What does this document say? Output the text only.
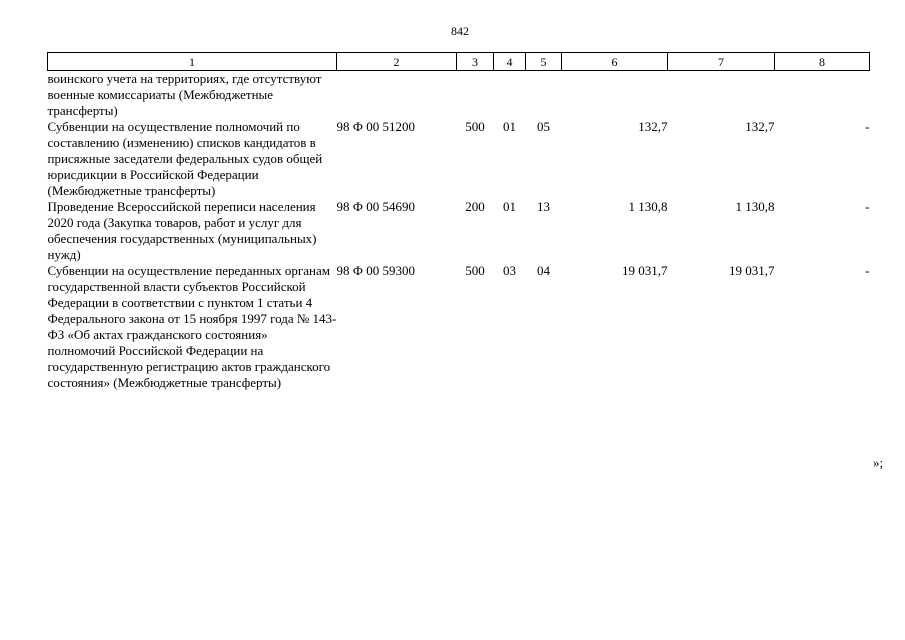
842
1	2	3	4	5	6	7	8
воинского учета на территориях, где отсутствуют военные комиссариаты (Межбюджетные трансферты)							
Субвенции на осуществление полномочий по составлению (изменению) списков кандидатов в присяжные заседатели федеральных судов общей юрисдикции в Российской Федерации (Межбюджетные трансферты)	98 Ф 00 51200	500	01	05	132,7	132,7	-
Проведение Всероссийской переписи населения 2020 года (Закупка товаров, работ и услуг для обеспечения государственных (муниципальных) нужд)	98 Ф 00 54690	200	01	13	1 130,8	1 130,8	-
Субвенции на осуществление переданных органам государственной власти субъектов Российской Федерации в соответствии с пунктом 1 статьи 4 Федерального закона от 15 ноября 1997 года № 143-ФЗ «Об актах гражданского состояния» полномочий Российской Федерации на государственную регистрацию актов гражданского состояния» (Межбюджетные трансферты)	98 Ф 00 59300	500	03	04	19 031,7	19 031,7	-
»;
